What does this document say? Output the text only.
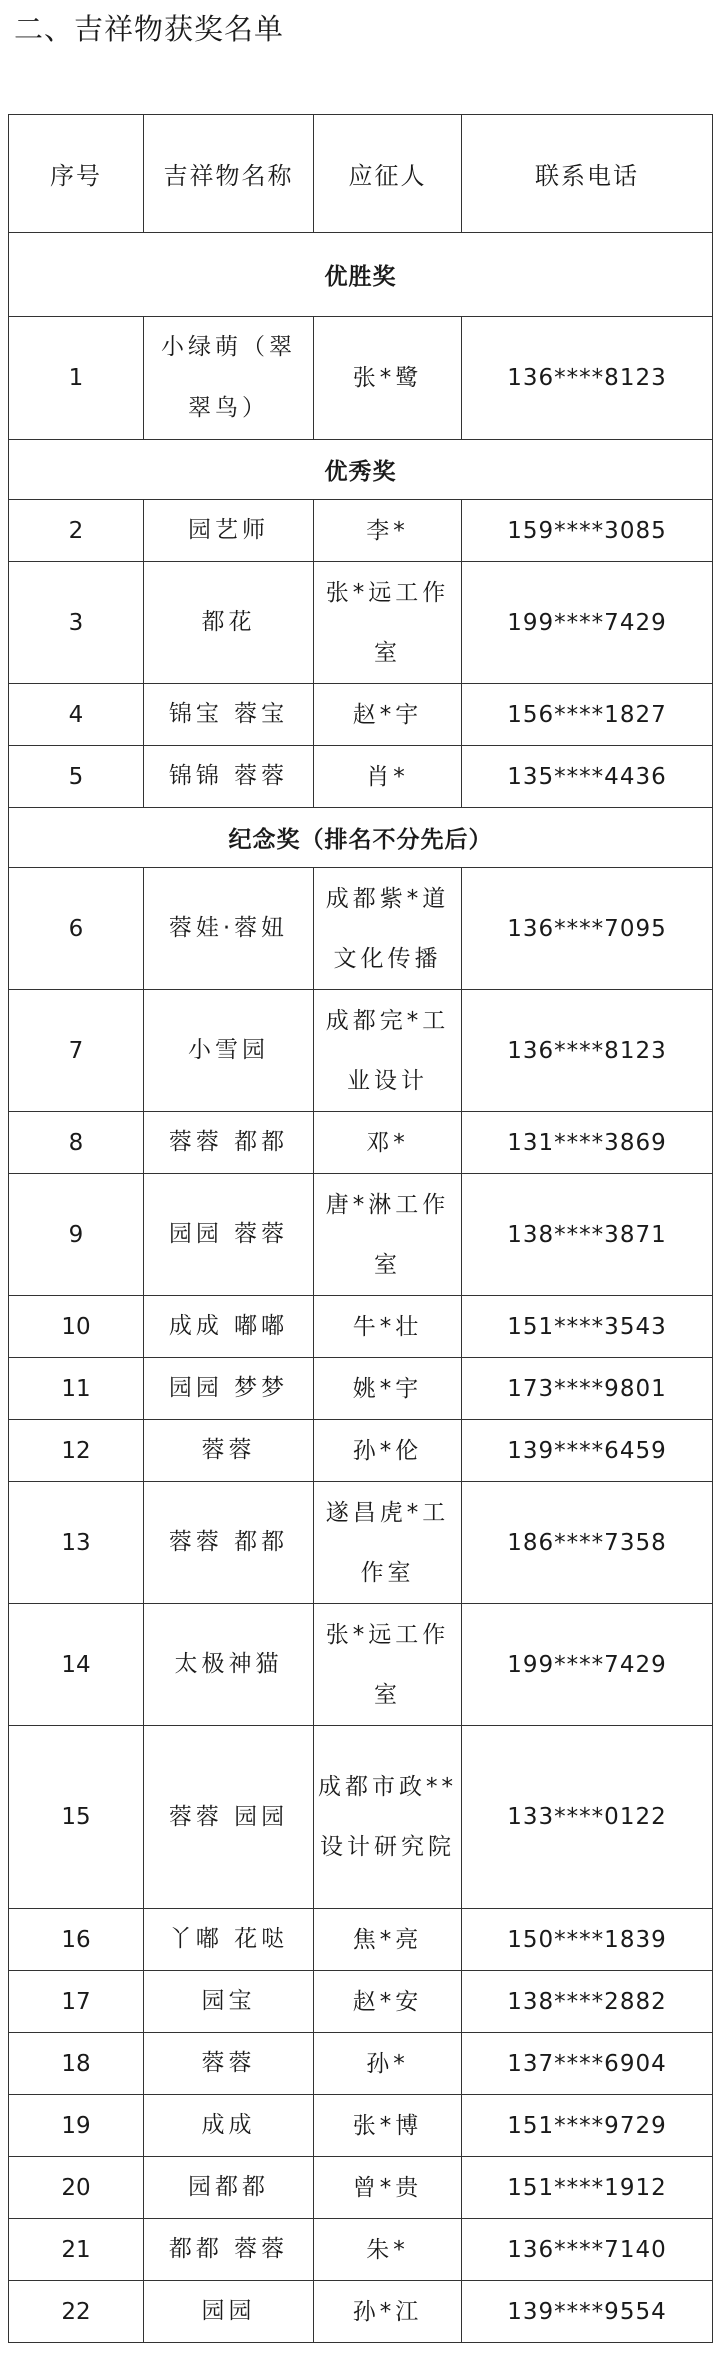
二、吉祥物获奖名单
序号	吉祥物名称	应征人	联系电话
优胜奖			
1	小绿萌（翠翠鸟）	张*鹭	136****8123
优秀奖			
2	园艺师	李*	159****3085
3	都花	张*远工作室	199****7429
4	锦宝 蓉宝	赵*宇	156****1827
5	锦锦 蓉蓉	肖*	135****4436
纪念奖（排名不分先后）			
6	蓉娃·蓉妞	成都紫*道文化传播	136****7095
7	小雪园	成都完*工业设计	136****8123
8	蓉蓉 都都	邓*	131****3869
9	园园 蓉蓉	唐*淋工作室	138****3871
10	成成 嘟嘟	牛*壮	151****3543
11	园园 梦梦	姚*宇	173****9801
12	蓉蓉	孙*伦	139****6459
13	蓉蓉 都都	遂昌虎*工作室	186****7358
14	太极神猫	张*远工作室	199****7429
15	蓉蓉 园园	成都市政**设计研究院	133****0122
16	丫嘟 花哒	焦*亮	150****1839
17	园宝	赵*安	138****2882
18	蓉蓉	孙*	137****6904
19	成成	张*博	151****9729
20	园都都	曾*贵	151****1912
21	都都 蓉蓉	朱*	136****7140
22	园园	孙*江	139****9554
